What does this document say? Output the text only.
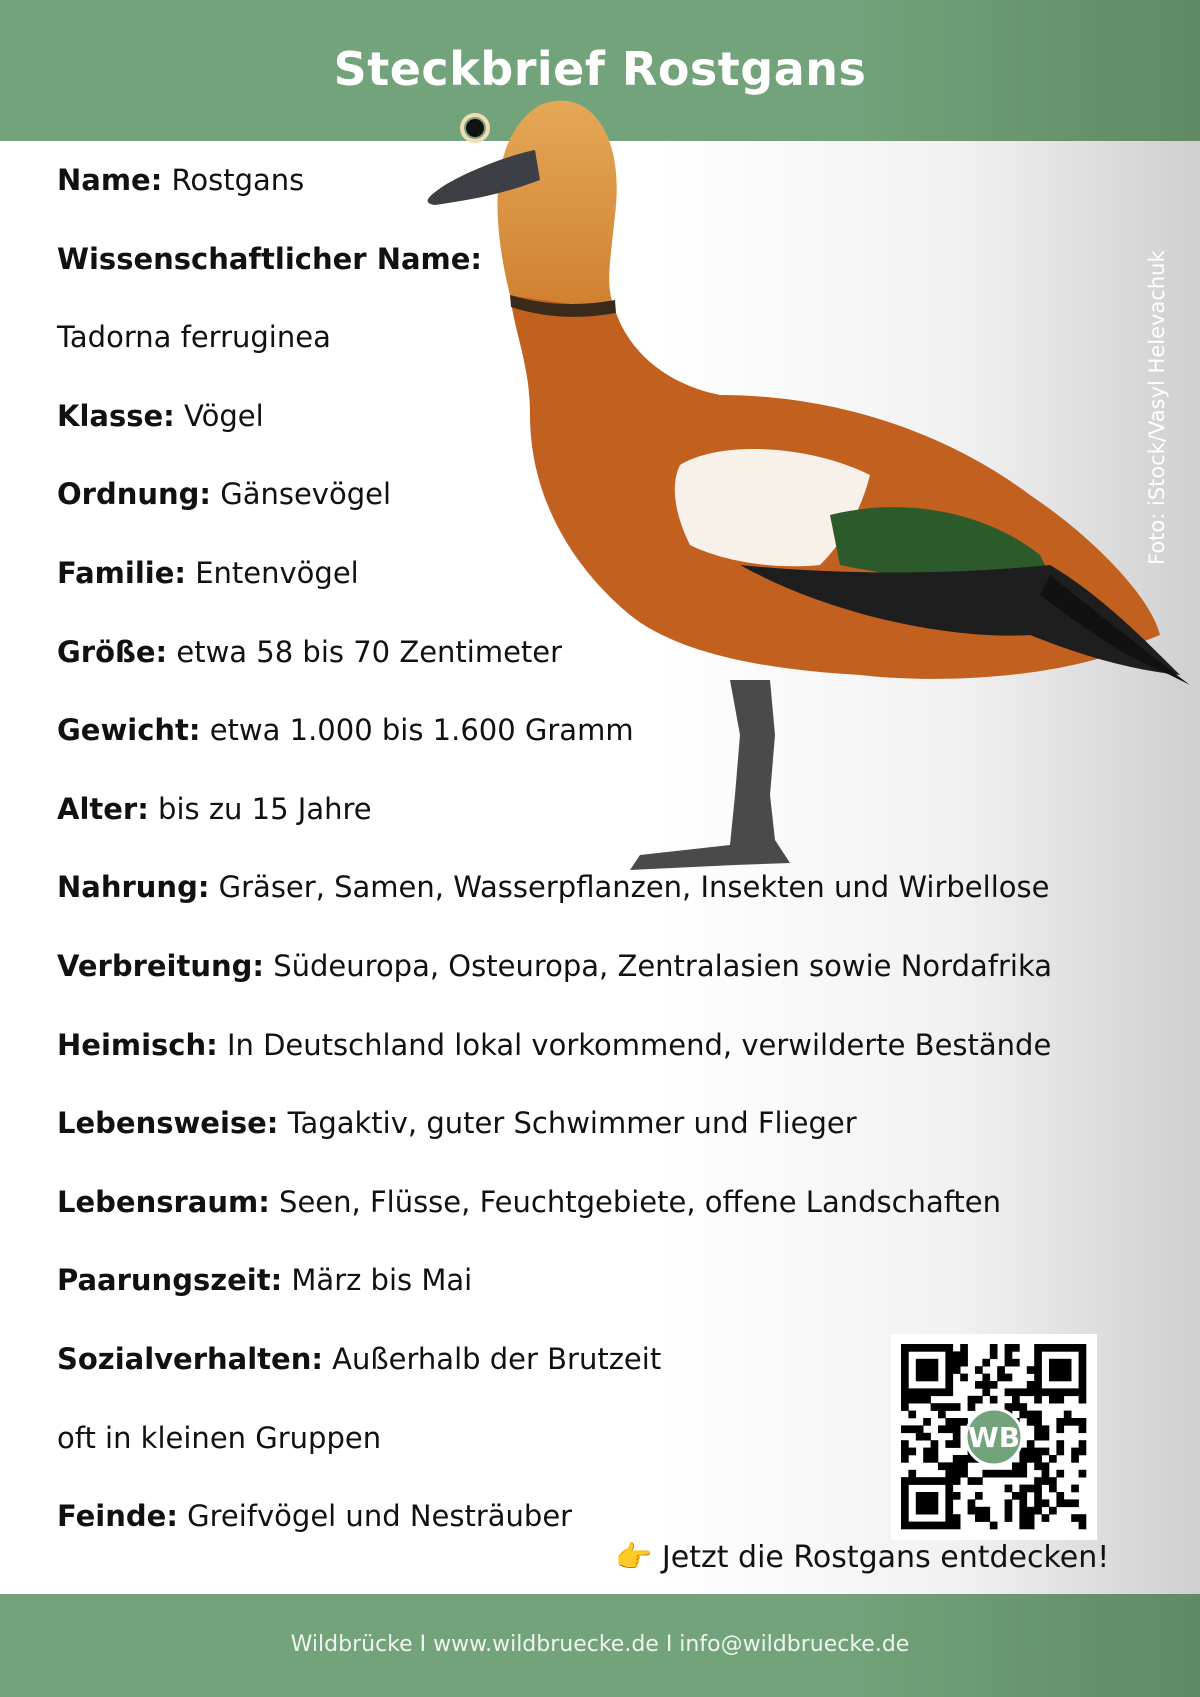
Steckbrief Rostgans
Name: Rostgans
Wissenschaftlicher Name:
Tadorna ferruginea
Klasse: Vögel
Ordnung: Gänsevögel
Familie: Entenvögel
Größe: etwa 58 bis 70 Zentimeter
Gewicht: etwa 1.000 bis 1.600 Gramm
Alter: bis zu 15 Jahre
Nahrung: Gräser, Samen, Wasserpflanzen, Insekten und Wirbellose
Verbreitung: Südeuropa, Osteuropa, Zentralasien sowie Nordafrika
Heimisch: In Deutschland lokal vorkommend, verwilderte Bestände
Lebensweise: Tagaktiv, guter Schwimmer und Flieger
Lebensraum: Seen, Flüsse, Feuchtgebiete, offene Landschaften
Paarungszeit: März bis Mai
Sozialverhalten: Außerhalb der Brutzeit
oft in kleinen Gruppen
Feinde: Greifvögel und Nesträuber
Foto: iStock/Vasyl Helevachuk
WB
👉 Jetzt die Rostgans entdecken!
Wildbrücke I www.wildbruecke.de I info@wildbruecke.de
